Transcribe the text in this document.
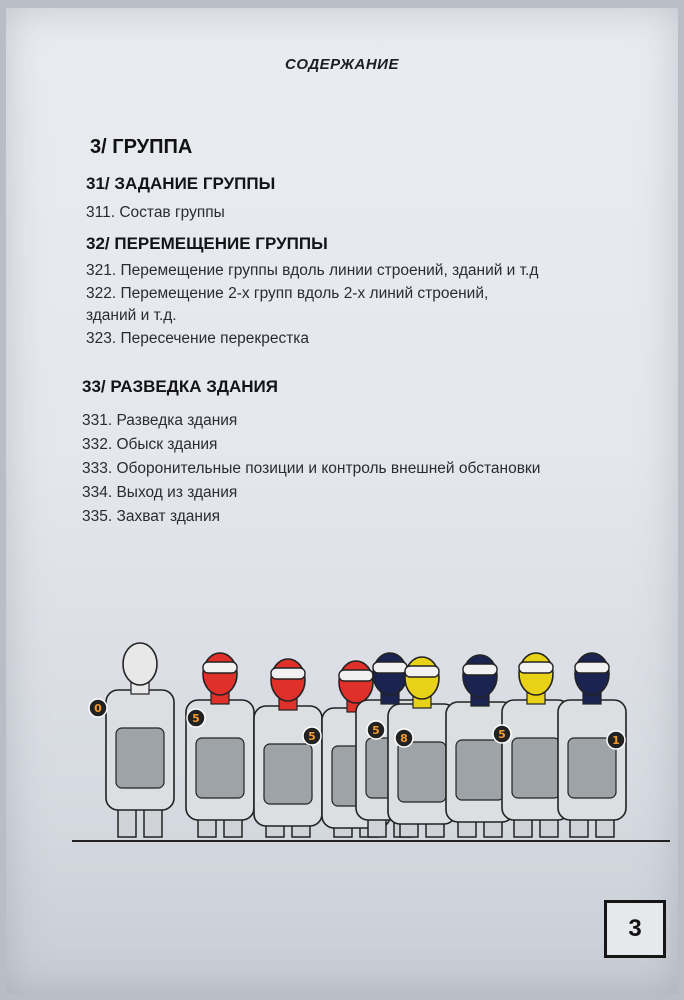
СОДЕРЖАНИЕ
3/ ГРУППА
31/ ЗАДАНИЕ ГРУППЫ
311. Состав группы
32/ ПЕРЕМЕЩЕНИЕ ГРУППЫ
321. Перемещение группы вдоль линии строений, зданий и т.д
322. Перемещение 2-х групп вдоль 2-х линий строений,
зданий и т.д.
323. Пересечение перекрестка
33/ РАЗВЕДКА ЗДАНИЯ
331. Разведка здания
332. Обыск здания
333. Оборонительные позиции и контроль внешней обстановки
334. Выход из здания
335. Захват здания
0
5
5	5
8	5	1
3
